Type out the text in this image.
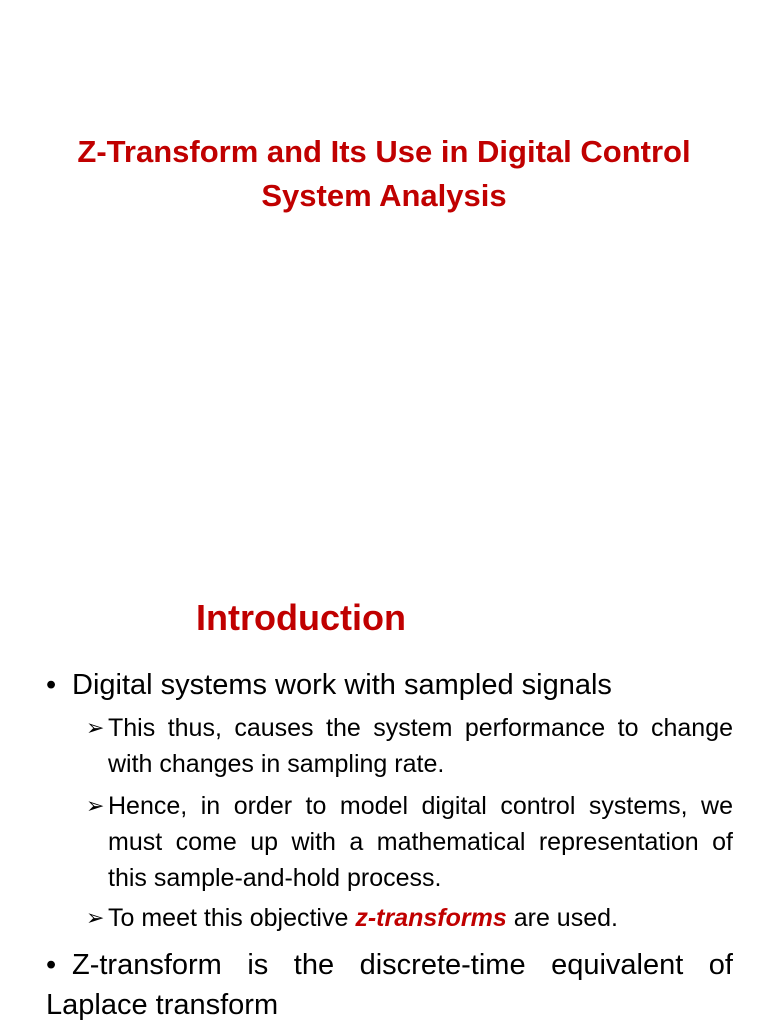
Z-Transform and Its Use in Digital Control System Analysis
Introduction
• Digital systems work with sampled signals
➢ This thus, causes the system performance to change with changes in sampling rate.
➢ Hence, in order to model digital control systems, we must come up with a mathematical representation of this sample-and-hold process.
➢ To meet this objective z-transforms are used.
• Z-transform is the discrete-time equivalent of Laplace transform
